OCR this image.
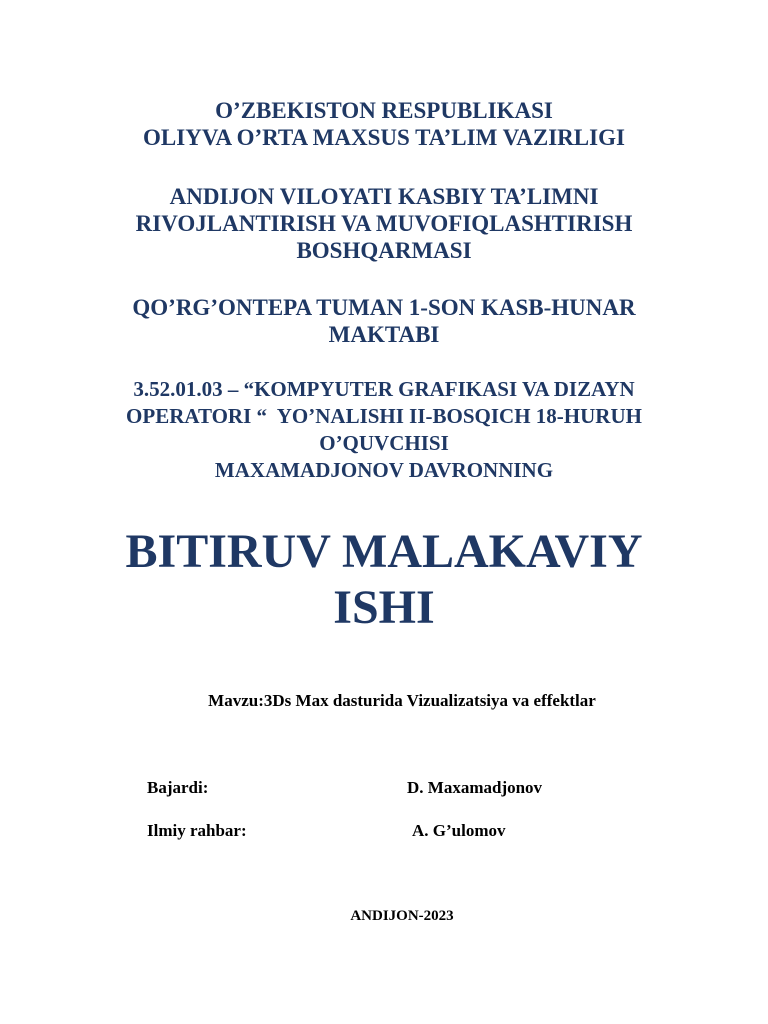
O’ZBEKISTON RESPUBLIKASI
OLIYVA O’RTA MAXSUS TA’LIM VAZIRLIGI
ANDIJON VILOYATI KASBIY TA’LIMNI
RIVOJLANTIRISH VA MUVOFIQLASHTIRISH
BOSHQARMASI
QO’RG’ONTEPA TUMAN 1-SON KASB-HUNAR
MAKTABI
3.52.01.03 – “KOMPYUTER GRAFIKASI VA DIZAYN
OPERATORI “  YO’NALISHI II-BOSQICH 18-HURUH
O’QUVCHISI
MAXAMADJONOV DAVRONNING
BITIRUV MALAKAVIY
ISHI
Mavzu:3Ds Max dasturida Vizualizatsiya va effektlar
Bajardi:	D. Maxamadjonov
Ilmiy rahbar:	A. G’ulomov
ANDIJON-2023
